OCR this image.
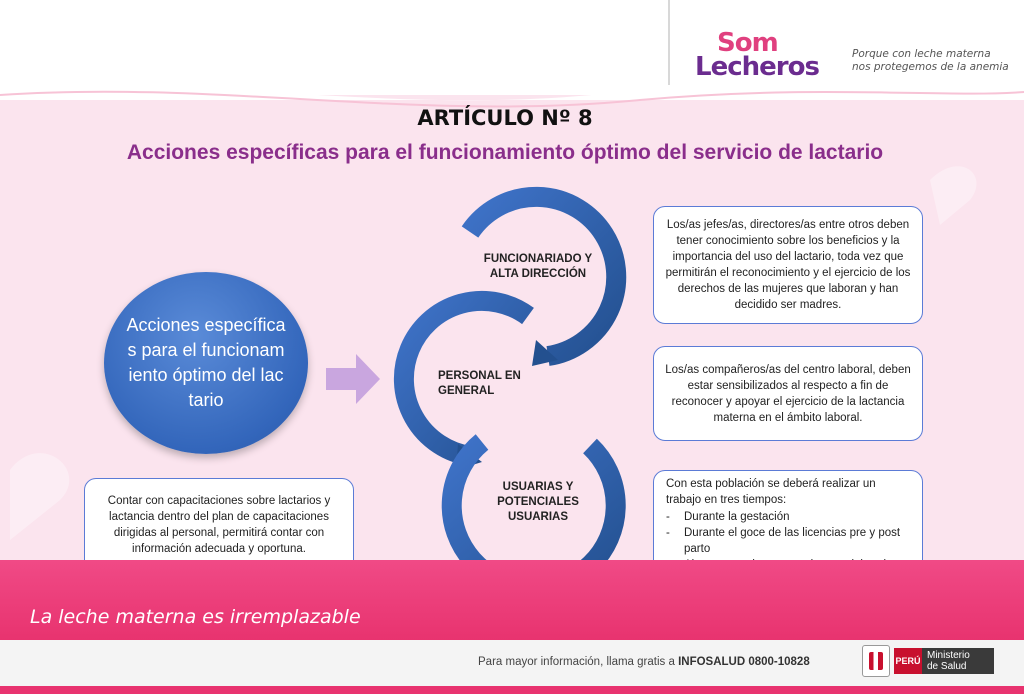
Som
Lecheros	Porque con leche materna
nos protegemos de la anemia
ARTÍCULO Nº 8
Acciones específicas para el funcionamiento óptimo del servicio de lactario
Acciones específicas para el funcionamiento óptimo del lactario
Contar con capacitaciones sobre lactarios y lactancia dentro del plan de capacitaciones dirigidas al personal, permitirá contar con información adecuada y oportuna.
FUNCIONARIADO Y ALTA DIRECCIÓN
PERSONAL EN GENERAL
USUARIAS Y POTENCIALES USUARIAS
Los/as jefes/as, directores/as entre otros deben tener conocimiento sobre los beneficios y la importancia del uso del lactario, toda vez que permitirán el reconocimiento y el ejercicio de los derechos de las mujeres que laboran y han decidido ser madres.
Los/as compañeros/as del centro laboral, deben estar sensibilizados al respecto a fin de reconocer y apoyar el ejercicio de la lactancia materna en el ámbito laboral.
Con esta población se deberá realizar un trabajo en tres tiempos:
- Durante la gestación
- Durante el goce de las licencias pre y post parto
-
La leche materna es irremplazable
Para mayor información, llama gratis a INFOSALUD 0800-10828	PERÚ Ministerio
de Salud
